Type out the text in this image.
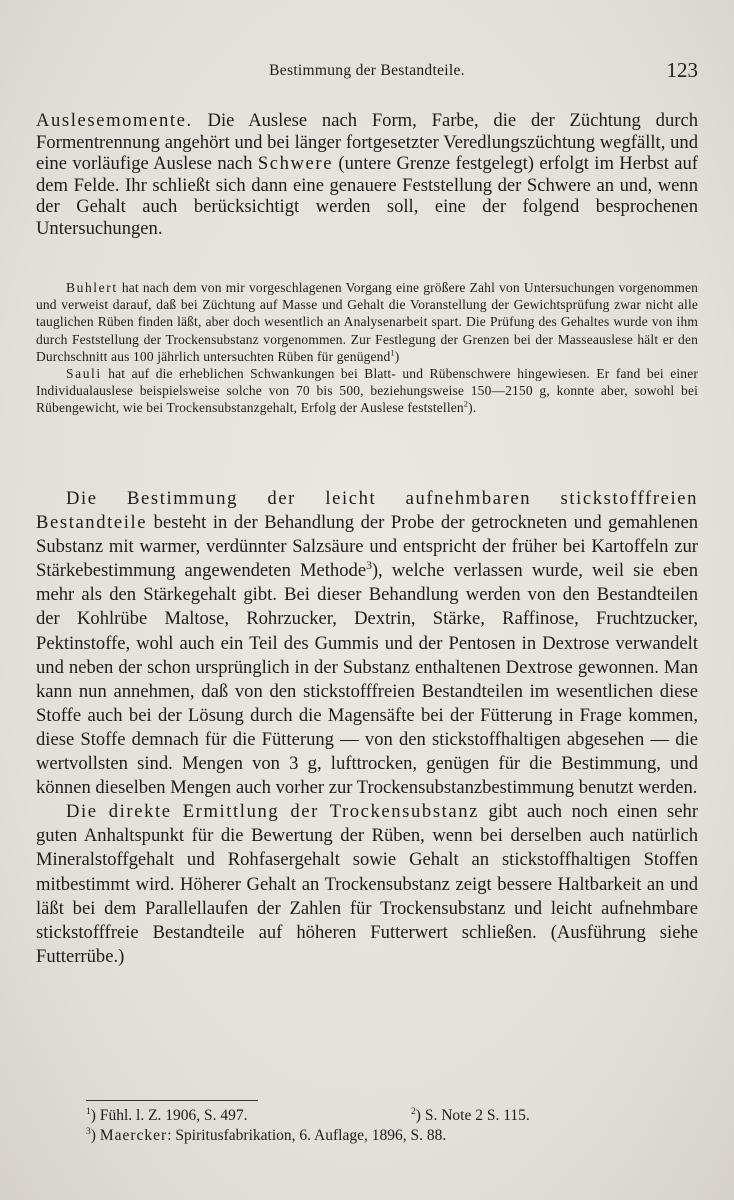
Bestimmung der Bestandteile.	123

Auslesemomente. Die Auslese nach Form, Farbe, die der Züchtung durch Formentrennung angehört und bei länger fortgesetzter Veredlungszüchtung wegfällt, und eine vorläufige Auslese nach Schwere (untere Grenze festgelegt) erfolgt im Herbst auf dem Felde. Ihr schließt sich dann eine genauere Feststellung der Schwere an und, wenn der Gehalt auch berücksichtigt werden soll, eine der folgend besprochenen Untersuchungen.

Buhlert hat nach dem von mir vorgeschlagenen Vorgang eine größere Zahl von Untersuchungen vorgenommen und verweist darauf, daß bei Züchtung auf Masse und Gehalt die Voranstellung der Gewichtsprüfung zwar nicht alle tauglichen Rüben finden läßt, aber doch wesentlich an Analysenarbeit spart. Die Prüfung des Gehaltes wurde von ihm durch Feststellung der Trockensubstanz vorgenommen. Zur Festlegung der Grenzen bei der Masseauslese hält er den Durchschnitt aus 100 jährlich untersuchten Rüben für genügend$^1$)

Sauli hat auf die erheblichen Schwankungen bei Blatt- und Rübenschwere hingewiesen. Er fand bei einer Individualauslese beispielsweise solche von 70 bis 500, beziehungsweise 150—2150 g, konnte aber, sowohl bei Rübengewicht, wie bei Trockensubstanzgehalt, Erfolg der Auslese feststellen$^2$).

Die Bestimmung der leicht aufnehmbaren stickstofffreien Bestandteile besteht in der Behandlung der Probe der getrockneten und gemahlenen Substanz mit warmer, verdünnter Salzsäure und entspricht der früher bei Kartoffeln zur Stärkebestimmung angewendeten Methode$^3$), welche verlassen wurde, weil sie eben mehr als den Stärkegehalt gibt. Bei dieser Behandlung werden von den Bestandteilen der Kohlrübe Maltose, Rohrzucker, Dextrin, Stärke, Raffinose, Fruchtzucker, Pektinstoffe, wohl auch ein Teil des Gummis und der Pentosen in Dextrose verwandelt und neben der schon ursprünglich in der Substanz enthaltenen Dextrose gewonnen. Man kann nun annehmen, daß von den stickstofffreien Bestandteilen im wesentlichen diese Stoffe auch bei der Lösung durch die Magensäfte bei der Fütterung in Frage kommen, diese Stoffe demnach für die Fütterung — von den stickstoffhaltigen abgesehen — die wertvollsten sind. Mengen von 3 g, lufttrocken, genügen für die Bestimmung, und können dieselben Mengen auch vorher zur Trockensubstanzbestimmung benutzt werden.

Die direkte Ermittlung der Trockensubstanz gibt auch noch einen sehr guten Anhaltspunkt für die Bewertung der Rüben, wenn bei derselben auch natürlich Mineralstoffgehalt und Rohfasergehalt sowie Gehalt an stickstoffhaltigen Stoffen mitbestimmt wird. Höherer Gehalt an Trockensubstanz zeigt bessere Haltbarkeit an und läßt bei dem Parallellaufen der Zahlen für Trockensubstanz und leicht aufnehmbare stickstofffreie Bestandteile auf höheren Futterwert schließen. (Ausführung siehe Futterrübe.)

$^1$) Fühl. l. Z. 1906, S. 497.	$^2$) S. Note 2 S. 115.
$^3$) Maercker: Spiritusfabrikation, 6. Auflage, 1896, S. 88.
